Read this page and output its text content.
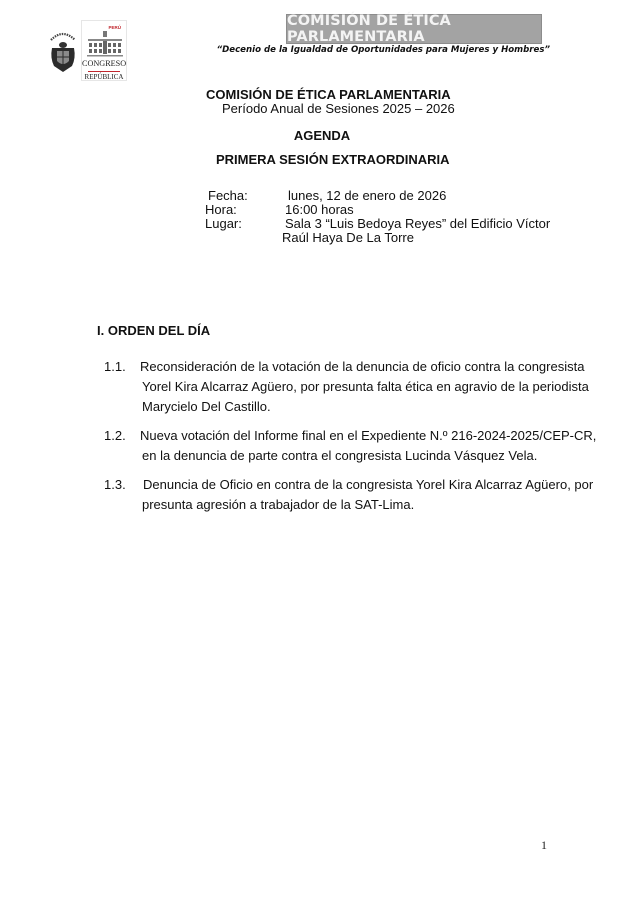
COMISIÓN DE ÉTICA PARLAMENTARIA
“Decenio de la Igualdad de Oportunidades para Mujeres y Hombres”
PERÚ
CONGRESO
REPÚBLICA
COMISIÓN DE ÉTICA PARLAMENTARIA
Período Anual de Sesiones 2025 – 2026
AGENDA
PRIMERA SESIÓN EXTRAORDINARIA
Fecha:	lunes, 12 de enero de 2026
Hora:	16:00 horas
Lugar:	Sala 3 “Luis Bedoya Reyes” del Edificio Víctor
Raúl Haya De La Torre
I. ORDEN DEL DÍA
1.1. Reconsideración de la votación de la denuncia de oficio contra la congresista
Yorel Kira Alcarraz Agüero, por presunta falta ética en agravio de la periodista
Marycielo Del Castillo.
1.2. Nueva votación del Informe final en el Expediente N.º 216-2024-2025/CEP-CR,
en la denuncia de parte contra el congresista Lucinda Vásquez Vela.
1.3. Denuncia de Oficio en contra de la congresista Yorel Kira Alcarraz Agüero, por
presunta agresión a trabajador de la SAT-Lima.
1
